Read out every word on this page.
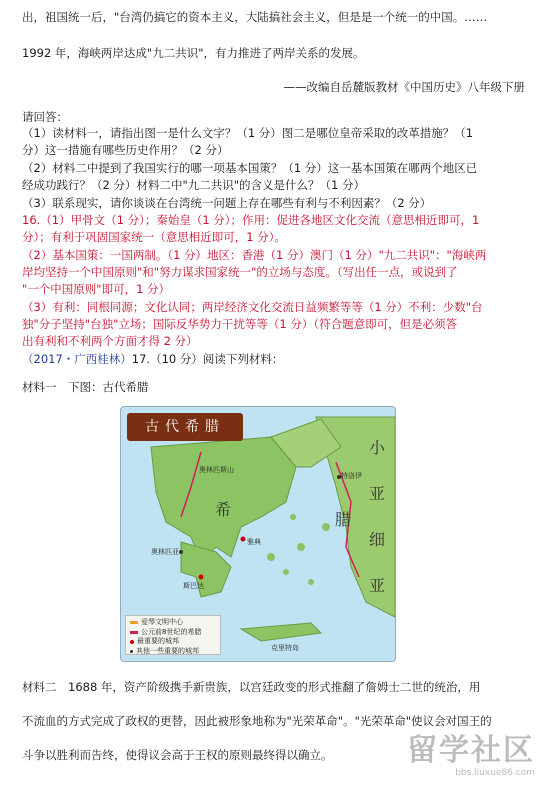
出，祖国统一后，"台湾仍搞它的资本主义，大陆搞社会主义，但是是一个统一的中国。……
1992 年，海峡两岸达成"九二共识"，有力推进了两岸关系的发展。
——改编自岳麓版教材《中国历史》八年级下册
请回答：
（1）读材料一，请指出图一是什么文字？（1 分）图二是哪位皇帝采取的改革措施？（1
分）这一措施有哪些历史作用？（2 分）
（2）材料二中提到了我国实行的哪一项基本国策？（1 分）这一基本国策在哪两个地区已
经成功践行？（2 分）材料二中"九二共识"的含义是什么？（1 分）
（3）联系现实，请你谈谈在台湾统一问题上存在哪些有利与不利因素？（2 分）
16.（1）甲骨文（1 分）；秦始皇（1 分）；作用：促进各地区文化交流（意思相近即可，1
分）；有利于巩固国家统一（意思相近即可，1 分）。
（2）基本国策：一国两制。（1 分）地区：香港（1 分）澳门（1 分）"九二共识"："海峡两
岸均坚持一个中国原则"和"努力谋求国家统一"的立场与态度。（写出任一点，或说到了
"一个中国原则"即可，1 分）
（3）有利：同根同源；文化认同；两岸经济文化交流日益频繁等等（1 分）不利：少数"台
独"分子坚持"台独"立场；国际反华势力干扰等等（1 分）（符合题意即可，但是必须答
出有利和不利两个方面才得 2 分）
（2017・广西桂林）17.（10 分）阅读下列材料：
材料一　下图：古代希腊
古代希腊
奥林匹斯山
奥林匹亚
斯巴达
雅典
特洛伊
克里特岛
希
腊
小
亚
细
亚
爱琴文明中心
公元前8世纪的希腊
最重要的城邦
其他一些重要的城邦
材料二　1688 年，资产阶级携手新贵族，以宫廷政变的形式推翻了詹姆士二世的统治，用
不流血的方式完成了政权的更替，因此被形象地称为"光荣革命"。"光荣革命"使议会对国王的
斗争以胜利而告终，使得议会高于王权的原则最终得以确立。	留学社区
bbs.liuxue86.com
